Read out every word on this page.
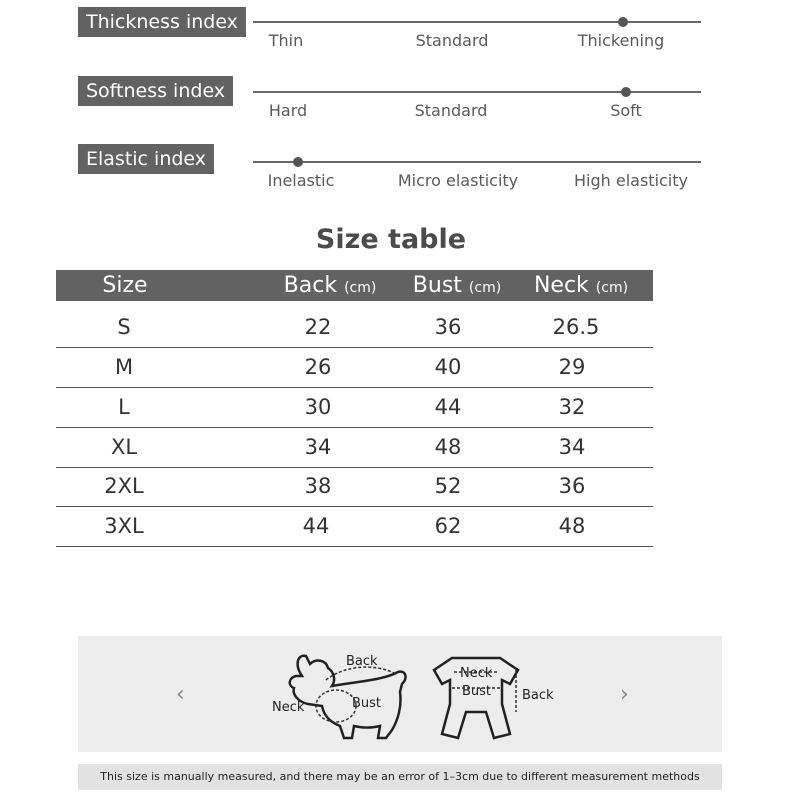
Thickness index
Thin	Standard	Thickening
Softness index
Hard	Standard	Soft
Elastic index
Inelastic	Micro elasticity	High elasticity
Size table
Size	Back (cm) Bust (cm) Neck (cm)
S	22	36	26.5
M	26	40	29
L	30	44	32
XL	34	48	34
2XL	38	52	36
3XL	44	62	48
‹	›
Back
Neck	Bust
Neck
Bust Back
This size is manually measured, and there may be an error of 1–3cm due to different measurement methods
